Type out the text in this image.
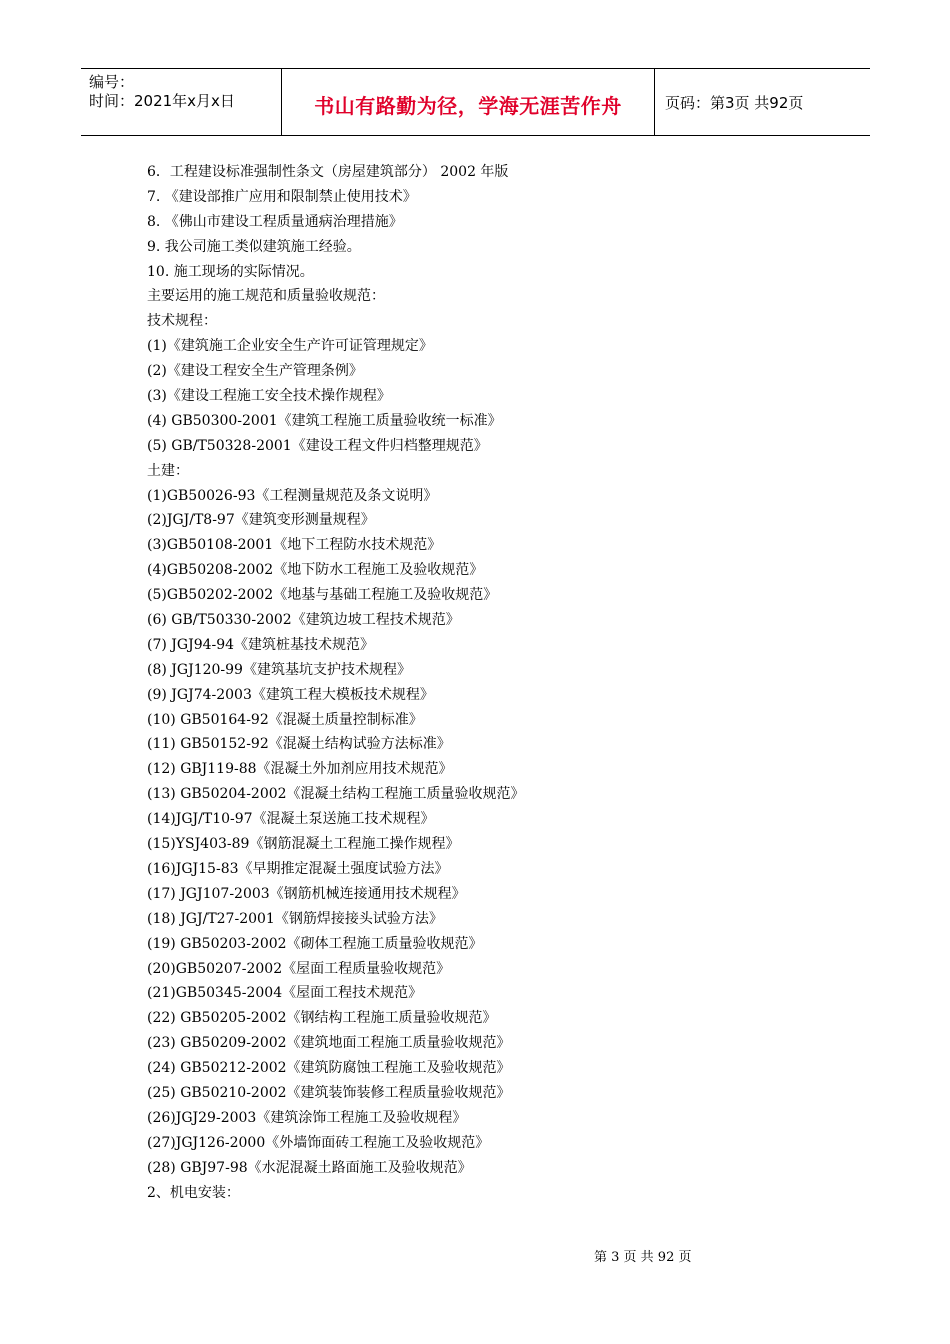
编号：
时间：2021年x月x日	书山有路勤为径，学海无涯苦作舟	页码：第3页 共92页
6．工程建设标准强制性条文（房屋建筑部分） 2002 年版
7. 《建设部推广应用和限制禁止使用技术》
8. 《佛山市建设工程质量通病治理措施》
9. 我公司施工类似建筑施工经验。
10. 施工现场的实际情况。
主要运用的施工规范和质量验收规范：
技术规程：
(1)《建筑施工企业安全生产许可证管理规定》
(2)《建设工程安全生产管理条例》
(3)《建设工程施工安全技术操作规程》
(4) GB50300-2001《建筑工程施工质量验收统一标准》
(5) GB/T50328-2001《建设工程文件归档整理规范》
土建：
(1)GB50026-93《工程测量规范及条文说明》
(2)JGJ/T8-97《建筑变形测量规程》
(3)GB50108-2001《地下工程防水技术规范》
(4)GB50208-2002《地下防水工程施工及验收规范》
(5)GB50202-2002《地基与基础工程施工及验收规范》
(6) GB/T50330-2002《建筑边坡工程技术规范》
(7) JGJ94-94《建筑桩基技术规范》
(8) JGJ120-99《建筑基坑支护技术规程》
(9) JGJ74-2003《建筑工程大模板技术规程》
(10) GB50164-92《混凝土质量控制标准》
(11) GB50152-92《混凝土结构试验方法标准》
(12) GBJ119-88《混凝土外加剂应用技术规范》
(13) GB50204-2002《混凝土结构工程施工质量验收规范》
(14)JGJ/T10-97《混凝土泵送施工技术规程》
(15)YSJ403-89《钢筋混凝土工程施工操作规程》
(16)JGJ15-83《早期推定混凝土强度试验方法》
(17) JGJ107-2003《钢筋机械连接通用技术规程》
(18) JGJ/T27-2001《钢筋焊接接头试验方法》
(19) GB50203-2002《砌体工程施工质量验收规范》
(20)GB50207-2002《屋面工程质量验收规范》
(21)GB50345-2004《屋面工程技术规范》
(22) GB50205-2002《钢结构工程施工质量验收规范》
(23) GB50209-2002《建筑地面工程施工质量验收规范》
(24) GB50212-2002《建筑防腐蚀工程施工及验收规范》
(25) GB50210-2002《建筑装饰装修工程质量验收规范》
(26)JGJ29-2003《建筑涂饰工程施工及验收规程》
(27)JGJ126-2000《外墙饰面砖工程施工及验收规范》
(28) GBJ97-98《水泥混凝土路面施工及验收规范》
2、机电安装：
第 3 页 共 92 页
